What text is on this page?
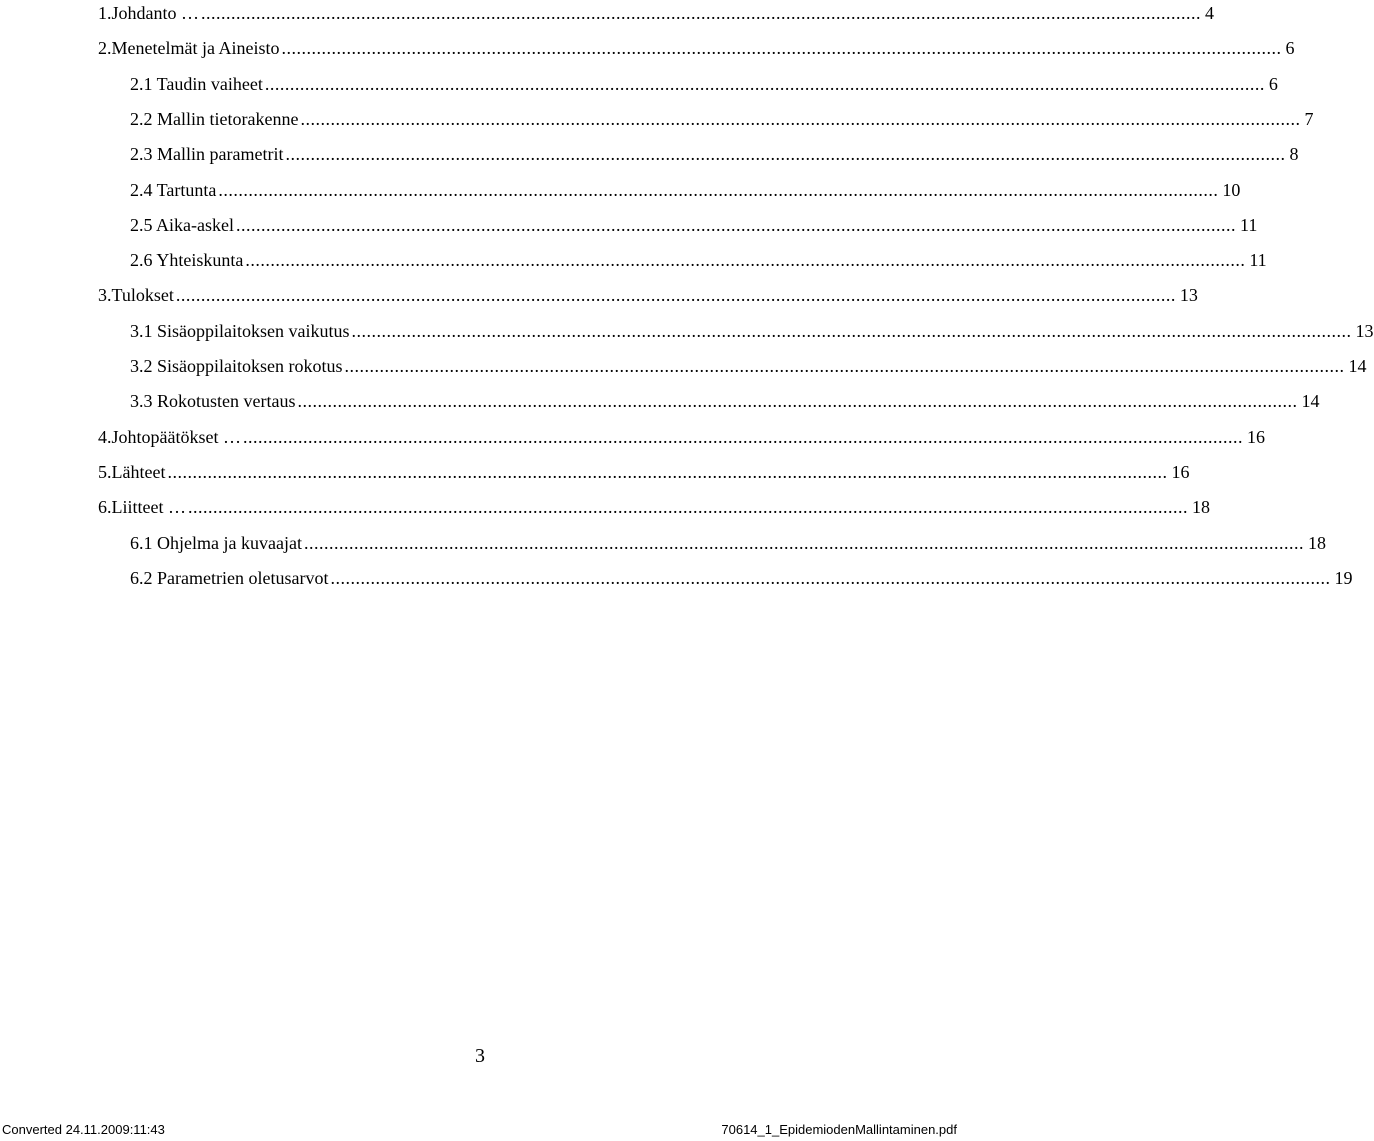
1. Johdanto … ........................................................................................................................................................................................................ 4
2. Menetelmät ja Aineisto ........................................................................................................................................................................................................ 6
2.1 Taudin vaiheet ........................................................................................................................................................................................................ 6
2.2 Mallin tietorakenne ........................................................................................................................................................................................................ 7
2.3 Mallin parametrit ........................................................................................................................................................................................................ 8
2.4 Tartunta ........................................................................................................................................................................................................ 10
2.5 Aika-askel ........................................................................................................................................................................................................ 11
2.6 Yhteiskunta ........................................................................................................................................................................................................ 11
3. Tulokset ........................................................................................................................................................................................................ 13
3.1 Sisäoppilaitoksen vaikutus ........................................................................................................................................................................................................ 13
3.2 Sisäoppilaitoksen rokotus ........................................................................................................................................................................................................ 14
3.3 Rokotusten vertaus ........................................................................................................................................................................................................ 14
4. Johtopäätökset … ........................................................................................................................................................................................................ 16
5. Lähteet ........................................................................................................................................................................................................ 16
6. Liitteet … ........................................................................................................................................................................................................ 18
6.1 Ohjelma ja kuvaajat ........................................................................................................................................................................................................ 18
6.2 Parametrien oletusarvot ........................................................................................................................................................................................................ 19
3
Converted 24.11.2009:11:43	70614_1_EpidemiodenMallintaminen.pdf
